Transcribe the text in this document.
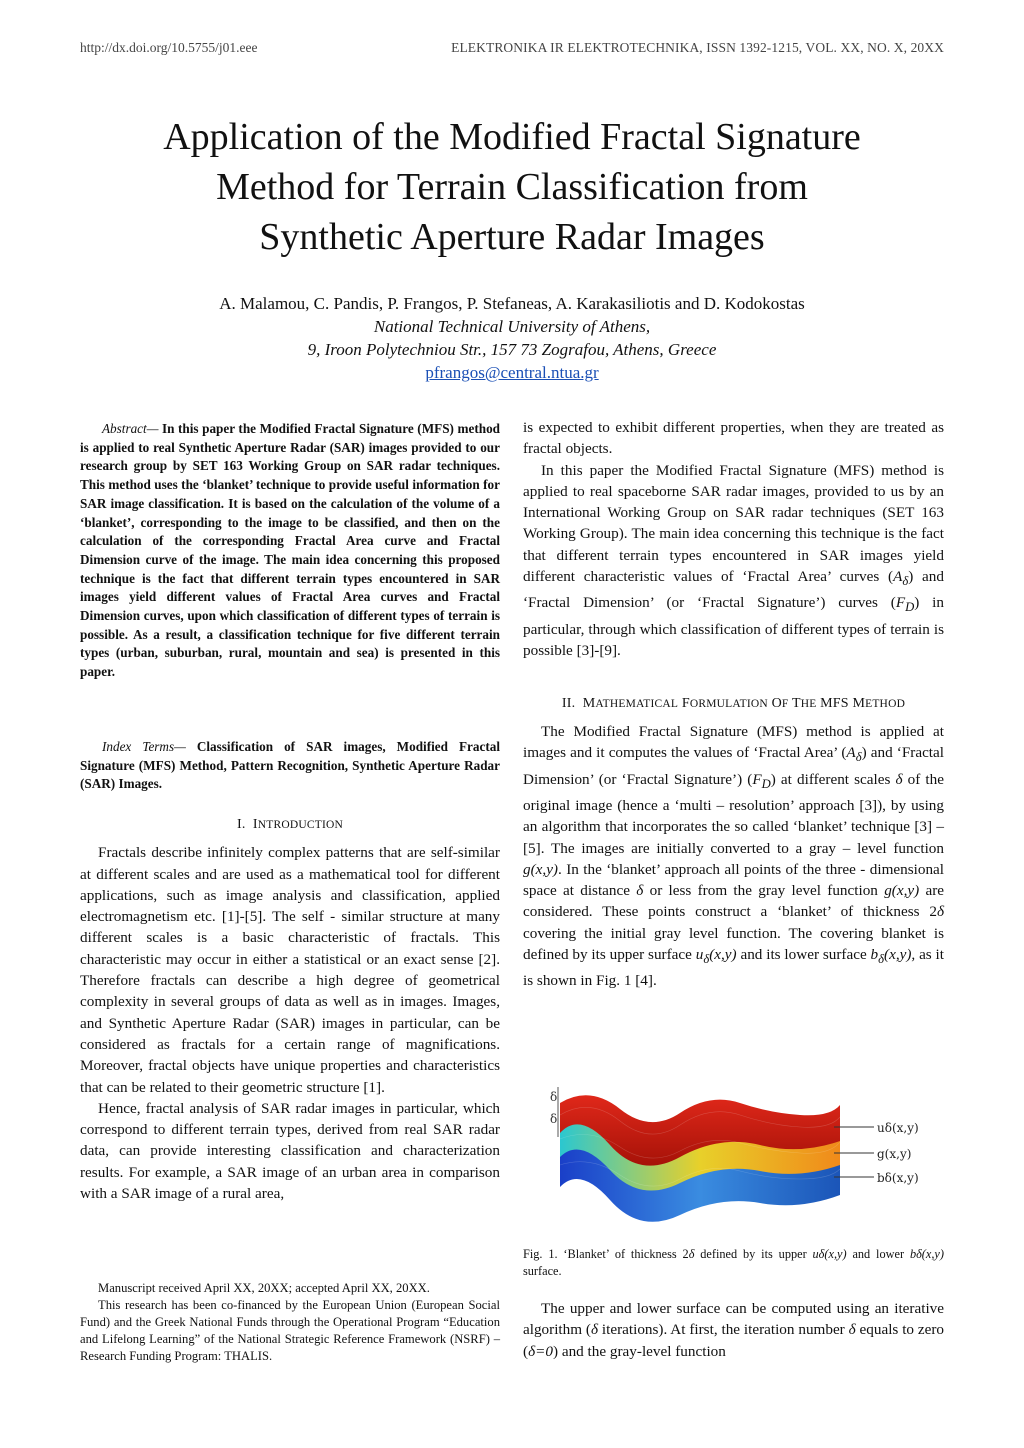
http://dx.doi.org/10.5755/j01.eee	ELEKTRONIKA IR ELEKTROTECHNIKA, ISSN 1392-1215, VOL. XX, NO. X, 20XX
Application of the Modified Fractal Signature
Method for Terrain Classification from
Synthetic Aperture Radar Images
A. Malamou, C. Pandis, P. Frangos, P. Stefaneas, A. Karakasiliotis and D. Kodokostas
National Technical University of Athens,
9, Iroon Polytechniou Str., 157 73 Zografou, Athens, Greece
pfrangos@central.ntua.gr
Abstract— In this paper the Modified Fractal Signature (MFS) method is applied to real Synthetic Aperture Radar (SAR) images provided to our research group by SET 163 Working Group on SAR radar techniques. This method uses the ‘blanket’ technique to provide useful information for SAR image classification. It is based on the calculation of the volume of a ‘blanket’, corresponding to the image to be classified, and then on the calculation of the corresponding Fractal Area curve and Fractal Dimension curve of the image. The main idea concerning this proposed technique is the fact that different terrain types encountered in SAR images yield different values of Fractal Area curves and Fractal Dimension curves, upon which classification of different types of terrain is possible. As a result, a classification technique for five different terrain types (urban, suburban, rural, mountain and sea) is presented in this paper.
Index Terms— Classification of SAR images, Modified Fractal Signature (MFS) Method, Pattern Recognition, Synthetic Aperture Radar (SAR) Images.
I. INTRODUCTION

Fractals describe infinitely complex patterns that are self-similar at different scales and are used as a mathematical tool for different applications, such as image analysis and classification, applied electromagnetism etc. [1]-[5]. The self - similar structure at many different scales is a basic characteristic of fractals. This characteristic may occur in either a statistical or an exact sense [2]. Therefore fractals can describe a high degree of geometrical complexity in several groups of data as well as in images. Images, and Synthetic Aperture Radar (SAR) images in particular, can be considered as fractals for a certain range of magnifications. Moreover, fractal objects have unique properties and characteristics that can be related to their geometric structure [1].

Hence, fractal analysis of SAR radar images in particular, which correspond to different terrain types, derived from real SAR radar data, can provide interesting classification and characterization results. For example, a SAR image of an urban area in comparison with a SAR image of a rural area,

Manuscript received April XX, 20XX; accepted April XX, 20XX.

This research has been co-financed by the European Union (European Social Fund) and the Greek National Funds through the Operational Program “Education and Lifelong Learning” of the National Strategic Reference Framework (NSRF) – Research Funding Program: THALIS.

is expected to exhibit different properties, when they are treated as fractal objects.

In this paper the Modified Fractal Signature (MFS) method is applied to real spaceborne SAR radar images, provided to us by an International Working Group on SAR radar techniques (SET 163 Working Group). The main idea concerning this technique is the fact that different terrain types encountered in SAR images yield different characteristic values of ‘Fractal Area’ curves $(A_\delta)$ and ‘Fractal Dimension’ (or ‘Fractal Signature’) curves $(F_D)$ in particular, through which classification of different types of terrain is possible [3]-[9].

II. MATHEMATICAL FORMULATION OF THE MFS METHOD

The Modified Fractal Signature (MFS) method is applied at images and it computes the values of ‘Fractal Area’ $(A_\delta)$ and ‘Fractal Dimension’ (or ‘Fractal Signature’) $(F_D)$ at different scales δ of the original image (hence a ‘multi – resolution’ approach [3]), by using an algorithm that incorporates the so called ‘blanket’ technique [3] – [5]. The images are initially converted to a gray – level function g(x,y). In the ‘blanket’ approach all points of the three - dimensional space at distance δ or less from the gray level function g(x,y) are considered. These points construct a ‘blanket’ of thickness 2δ covering the initial gray level function. The covering blanket is defined by its upper surface $u_\delta(x,y)$ and its lower surface $b_\delta(x,y)$, as it is shown in Fig. 1 [4].

δ
δ
uδ(x,y)
g(x,y)
bδ(x,y)
Fig. 1. ‘Blanket’ of thickness 2δ defined by its upper uδ(x,y) and lower bδ(x,y) surface.

The upper and lower surface can be computed using an iterative algorithm (δ iterations). At first, the iteration number δ equals to zero (δ=0) and the gray-level function
